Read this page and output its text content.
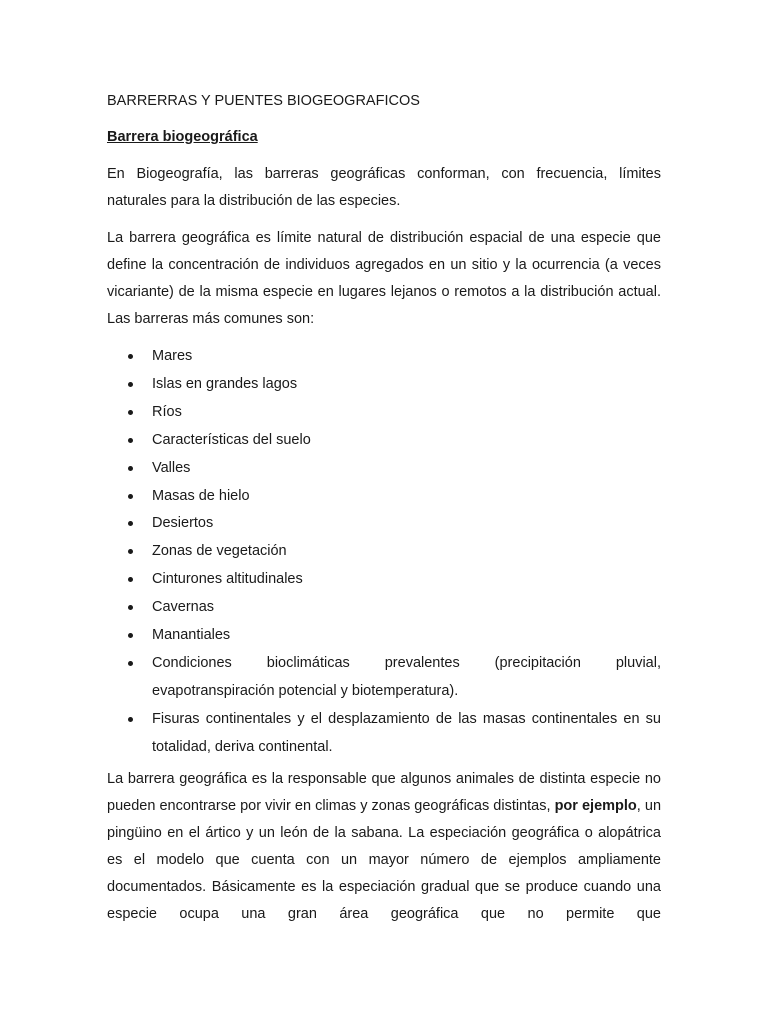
BARRERRAS Y PUENTES BIOGEOGRAFICOS
Barrera biogeográfica

En Biogeografía, las barreras geográficas conforman, con frecuencia, límites naturales para la distribución de las especies.

La barrera geográfica es límite natural de distribución espacial de una especie que define la concentración de individuos agregados en un sitio y la ocurrencia (a veces vicariante) de la misma especie en lugares lejanos o remotos a la distribución actual. Las barreras más comunes son:

Mares
Islas en grandes lagos
Ríos
Características del suelo
Valles
Masas de hielo
Desiertos
Zonas de vegetación
Cinturones altitudinales
Cavernas
Manantiales
Condiciones bioclimáticas prevalentes (precipitación pluvial, evapotranspiración potencial y biotemperatura).
Fisuras continentales y el desplazamiento de las masas continentales en su totalidad, deriva continental.

La barrera geográfica es la responsable que algunos animales de distinta especie no pueden encontrarse por vivir en climas y zonas geográficas distintas, por ejemplo, un pingüino en el ártico y un león de la sabana. La especiación geográfica o alopátrica es el modelo que cuenta con un mayor número de ejemplos ampliamente documentados. Básicamente es la especiación gradual que se produce cuando una especie ocupa una gran área geográfica que no permite que
